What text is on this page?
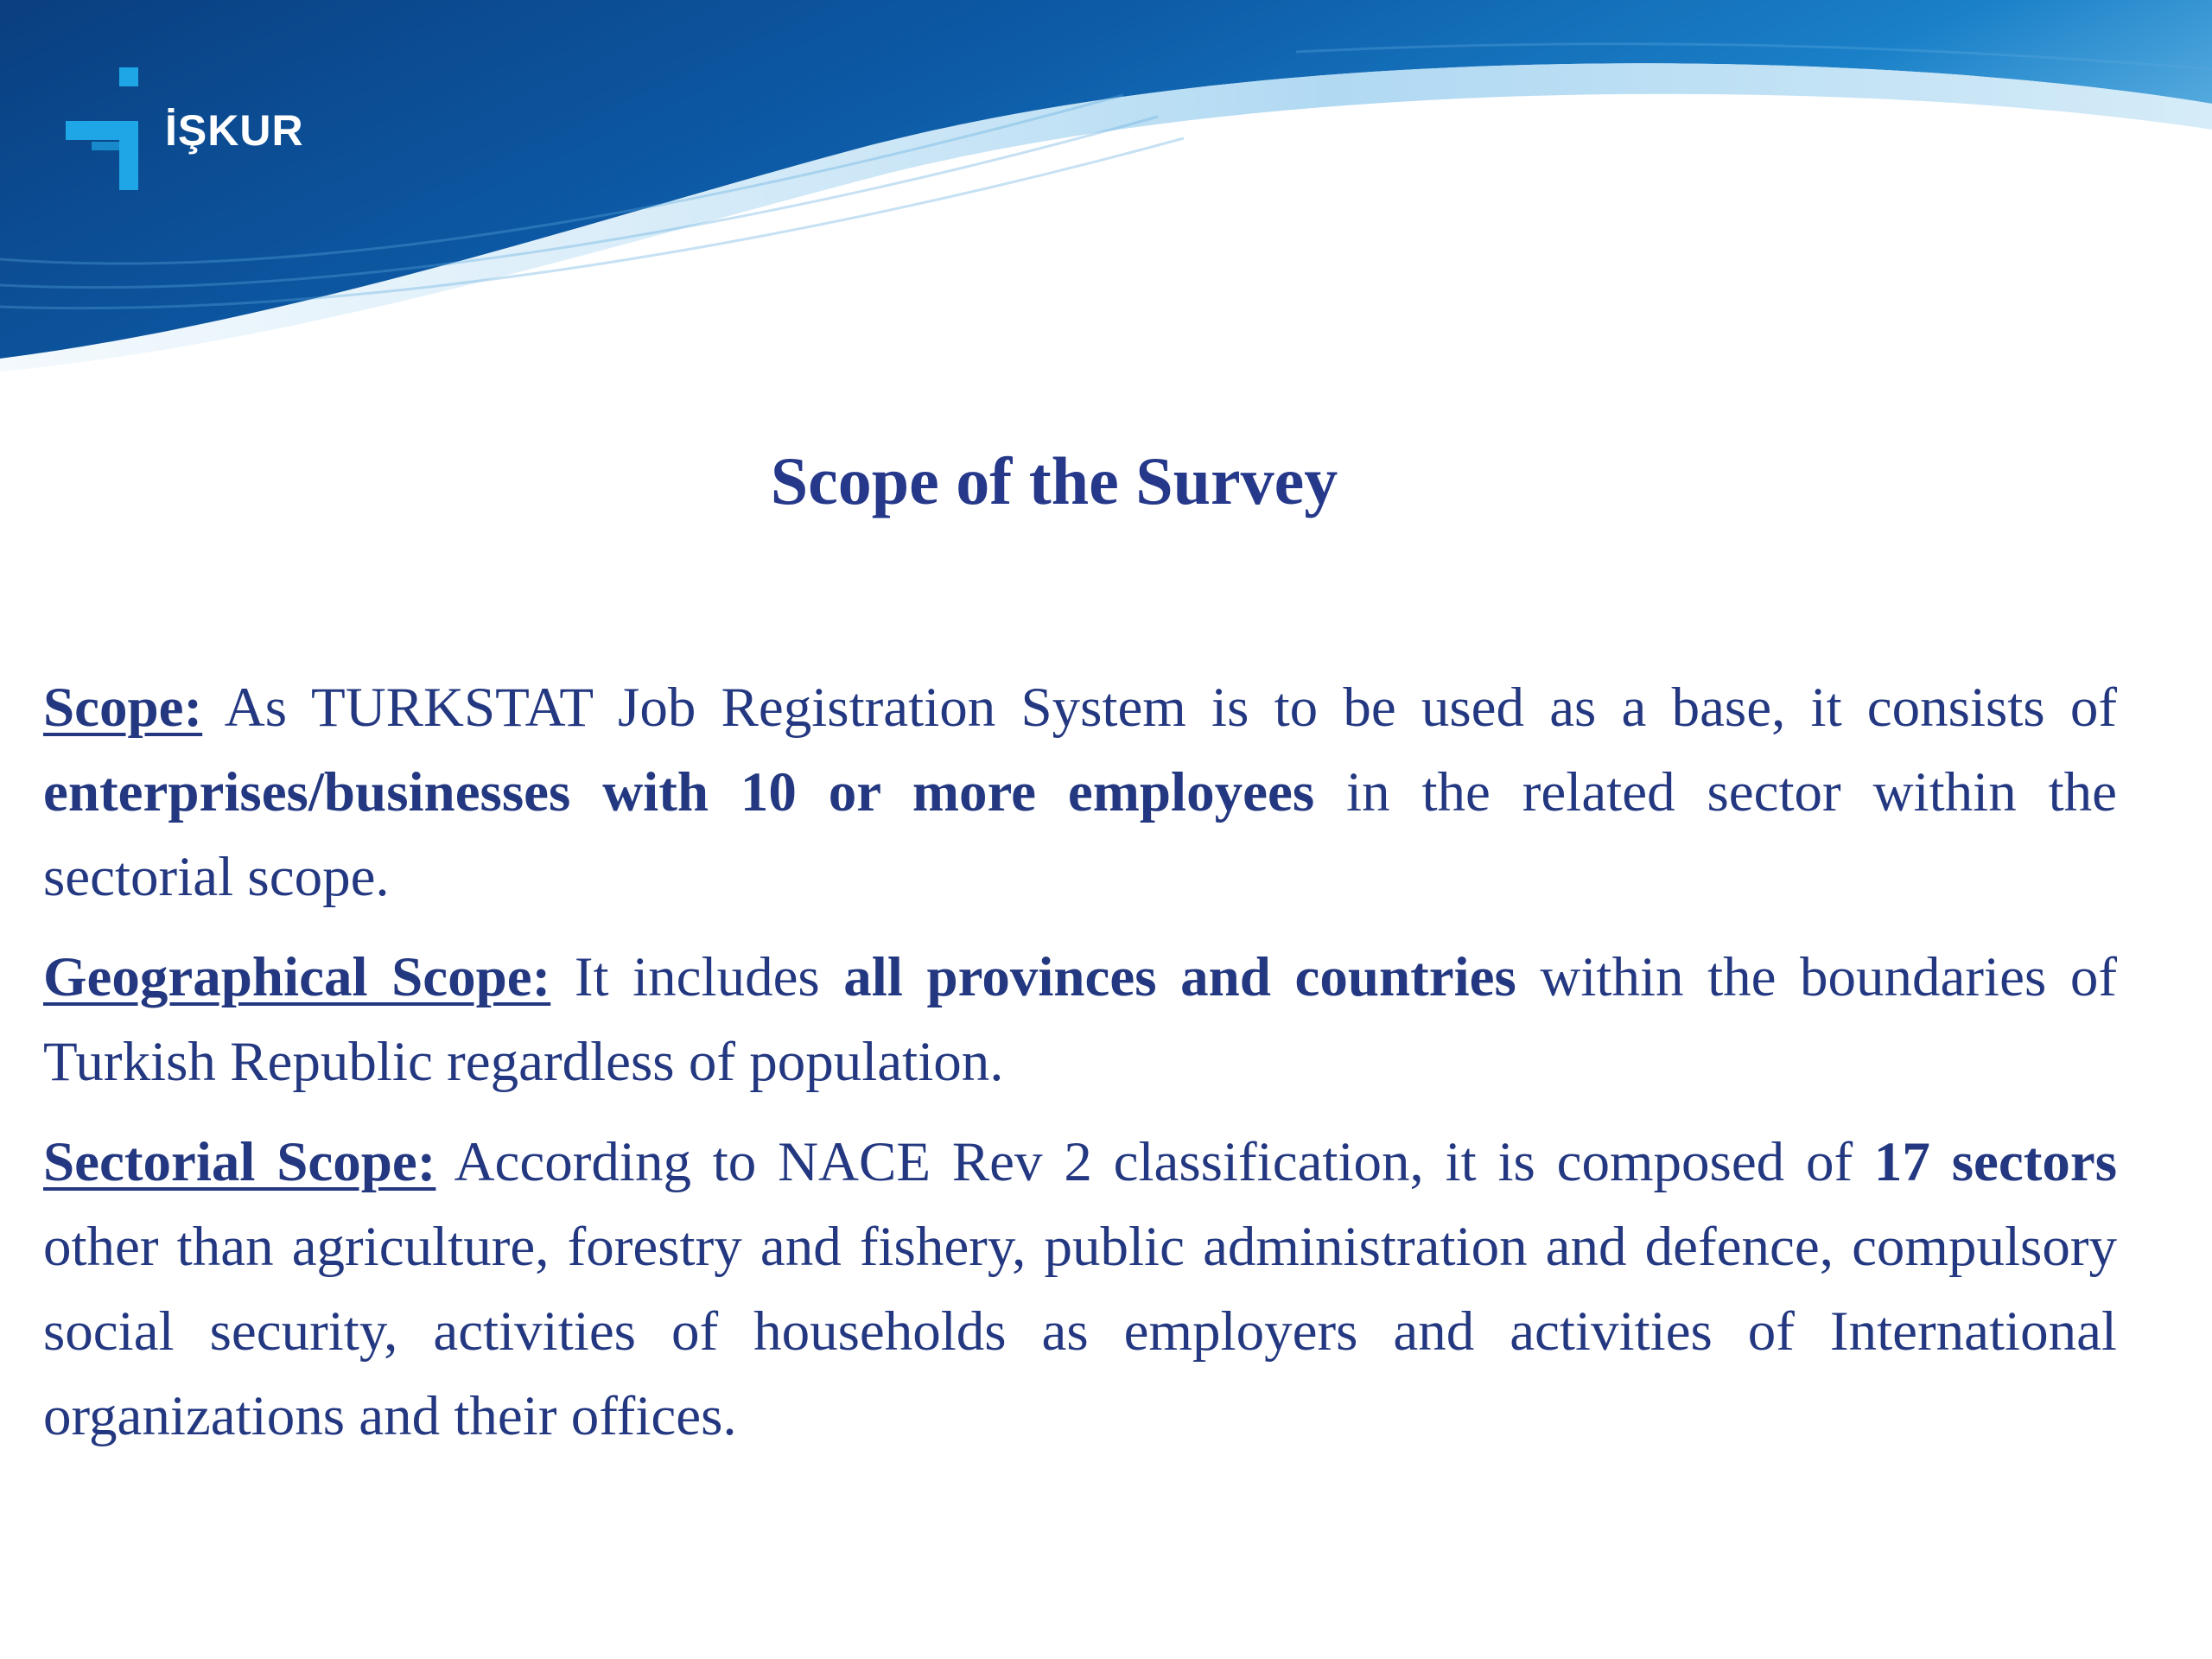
İŞKUR
Scope of the Survey

Scope: As TURKSTAT Job Registration System is to be used as a base, it consists of enterprises/businesses with 10 or more employees in the related sector within the sectorial scope.

Geographical Scope: It includes all provinces and countries within the boundaries of Turkish Republic regardless of population.

Sectorial Scope: According to NACE Rev 2 classification, it is composed of 17 sectors other than agriculture, forestry and fishery, public administration and defence, compulsory social security, activities of households as employers and activities of International organizations and their offices.
